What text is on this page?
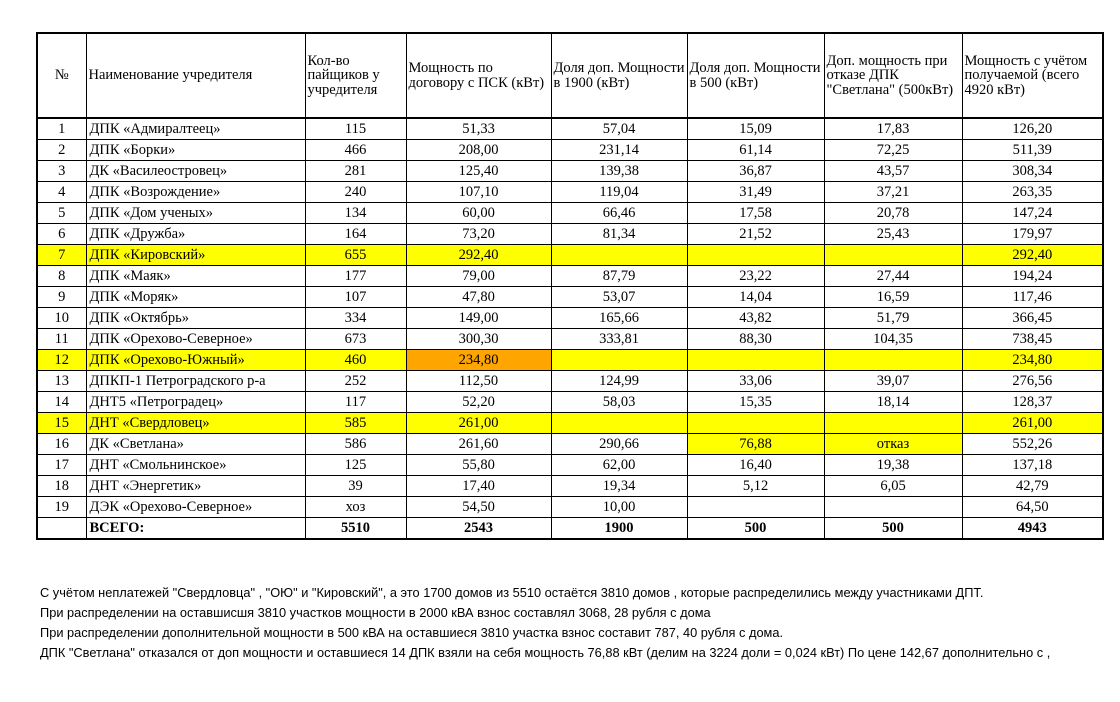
№	Наименование учредителя	Кол-во пайщиков у учредителя	Мощность по договору с ПСК (кВт)	Доля доп. Мощности в 1900 (кВт)	Доля доп. Мощности в 500 (кВт)	Доп. мощность при отказе ДПК "Светлана" (500кВт)	Мощность с учётом получаемой (всего 4920 кВт)
1	ДПК «Адмиралтеец»	115	51,33	57,04	15,09	17,83	126,20
2	ДПК «Борки»	466	208,00	231,14	61,14	72,25	511,39
3	ДК «Василеостровец»	281	125,40	139,38	36,87	43,57	308,34
4	ДПК «Возрождение»	240	107,10	119,04	31,49	37,21	263,35
5	ДПК «Дом ученых»	134	60,00	66,46	17,58	20,78	147,24
6	ДПК «Дружба»	164	73,20	81,34	21,52	25,43	179,97
7	ДПК «Кировский»	655	292,40				292,40
8	ДПК «Маяк»	177	79,00	87,79	23,22	27,44	194,24
9	ДПК «Моряк»	107	47,80	53,07	14,04	16,59	117,46
10	ДПК «Октябрь»	334	149,00	165,66	43,82	51,79	366,45
11	ДПК «Орехово-Северное»	673	300,30	333,81	88,30	104,35	738,45
12	ДПК «Орехово-Южный»	460	234,80				234,80
13	ДПКП-1 Петроградского р-а	252	112,50	124,99	33,06	39,07	276,56
14	ДНТ5 «Петроградец»	117	52,20	58,03	15,35	18,14	128,37
15	ДНТ «Свердловец»	585	261,00				261,00
16	ДК «Светлана»	586	261,60	290,66	76,88	отказ	552,26
17	ДНТ «Смольнинское»	125	55,80	62,00	16,40	19,38	137,18
18	ДНТ «Энергетик»	39	17,40	19,34	5,12	6,05	42,79
19	ДЭК «Орехово-Северное»	хоз	54,50	10,00			64,50
	ВСЕГО:	5510	2543	1900	500	500	4943
С учётом неплатежей "Свердловца" , "ОЮ" и "Кировский", а это 1700 домов из 5510 остаётся 3810 домов , которые распределились между участниками ДПТ.
При распределении на оставшисшя 3810 участков мощности в 2000 кВА взнос составлял 3068, 28 рубля с дома
При распределении дополнительной мощности в 500 кВА на оставшиеся 3810 участка взнос составит 787, 40 рубля с дома.
ДПК "Светлана" отказался от доп мощности и оставшиеся 14 ДПК взяли на себя мощность 76,88 кВт (делим на 3224 доли = 0,024 кВт) По цене 142,67 дополнительно с ,
